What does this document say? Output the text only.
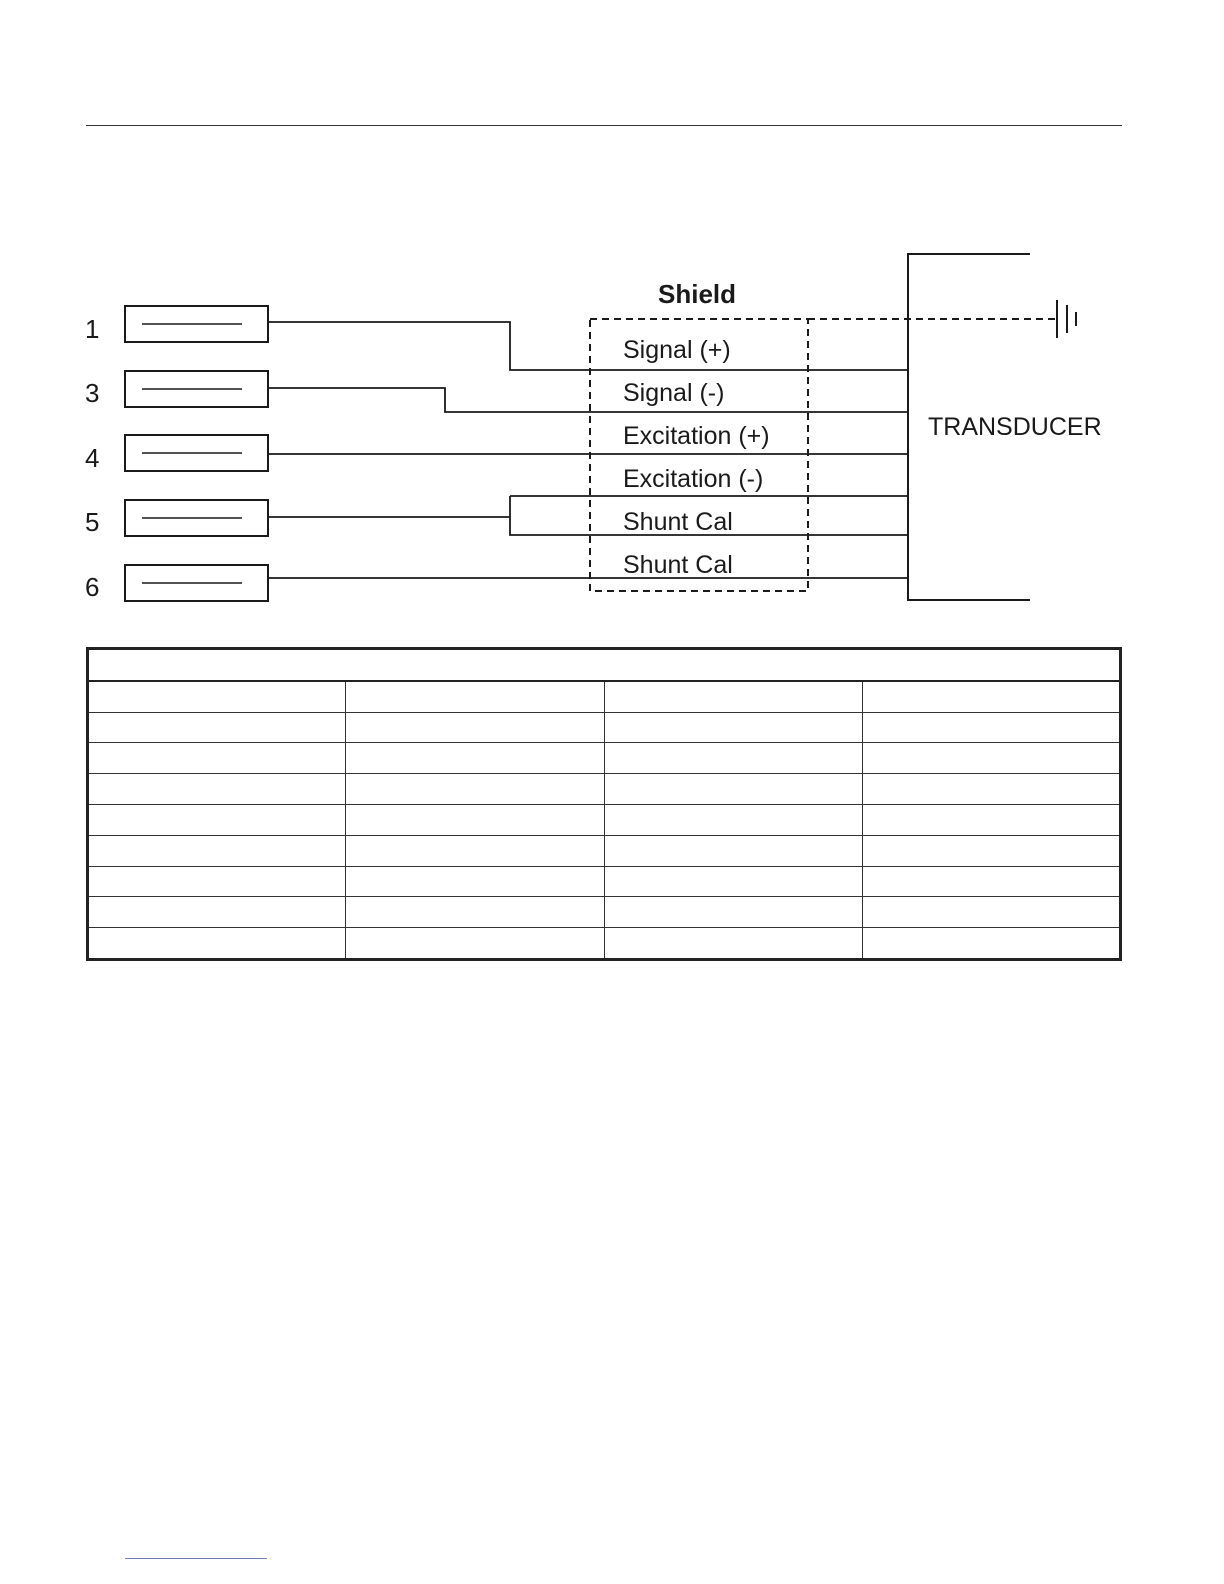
1
3
4
5
6
Shield
Signal (+)
Signal (-)
Excitation (+)
Excitation (-)
Shunt Cal
Shunt Cal
TRANSDUCER
